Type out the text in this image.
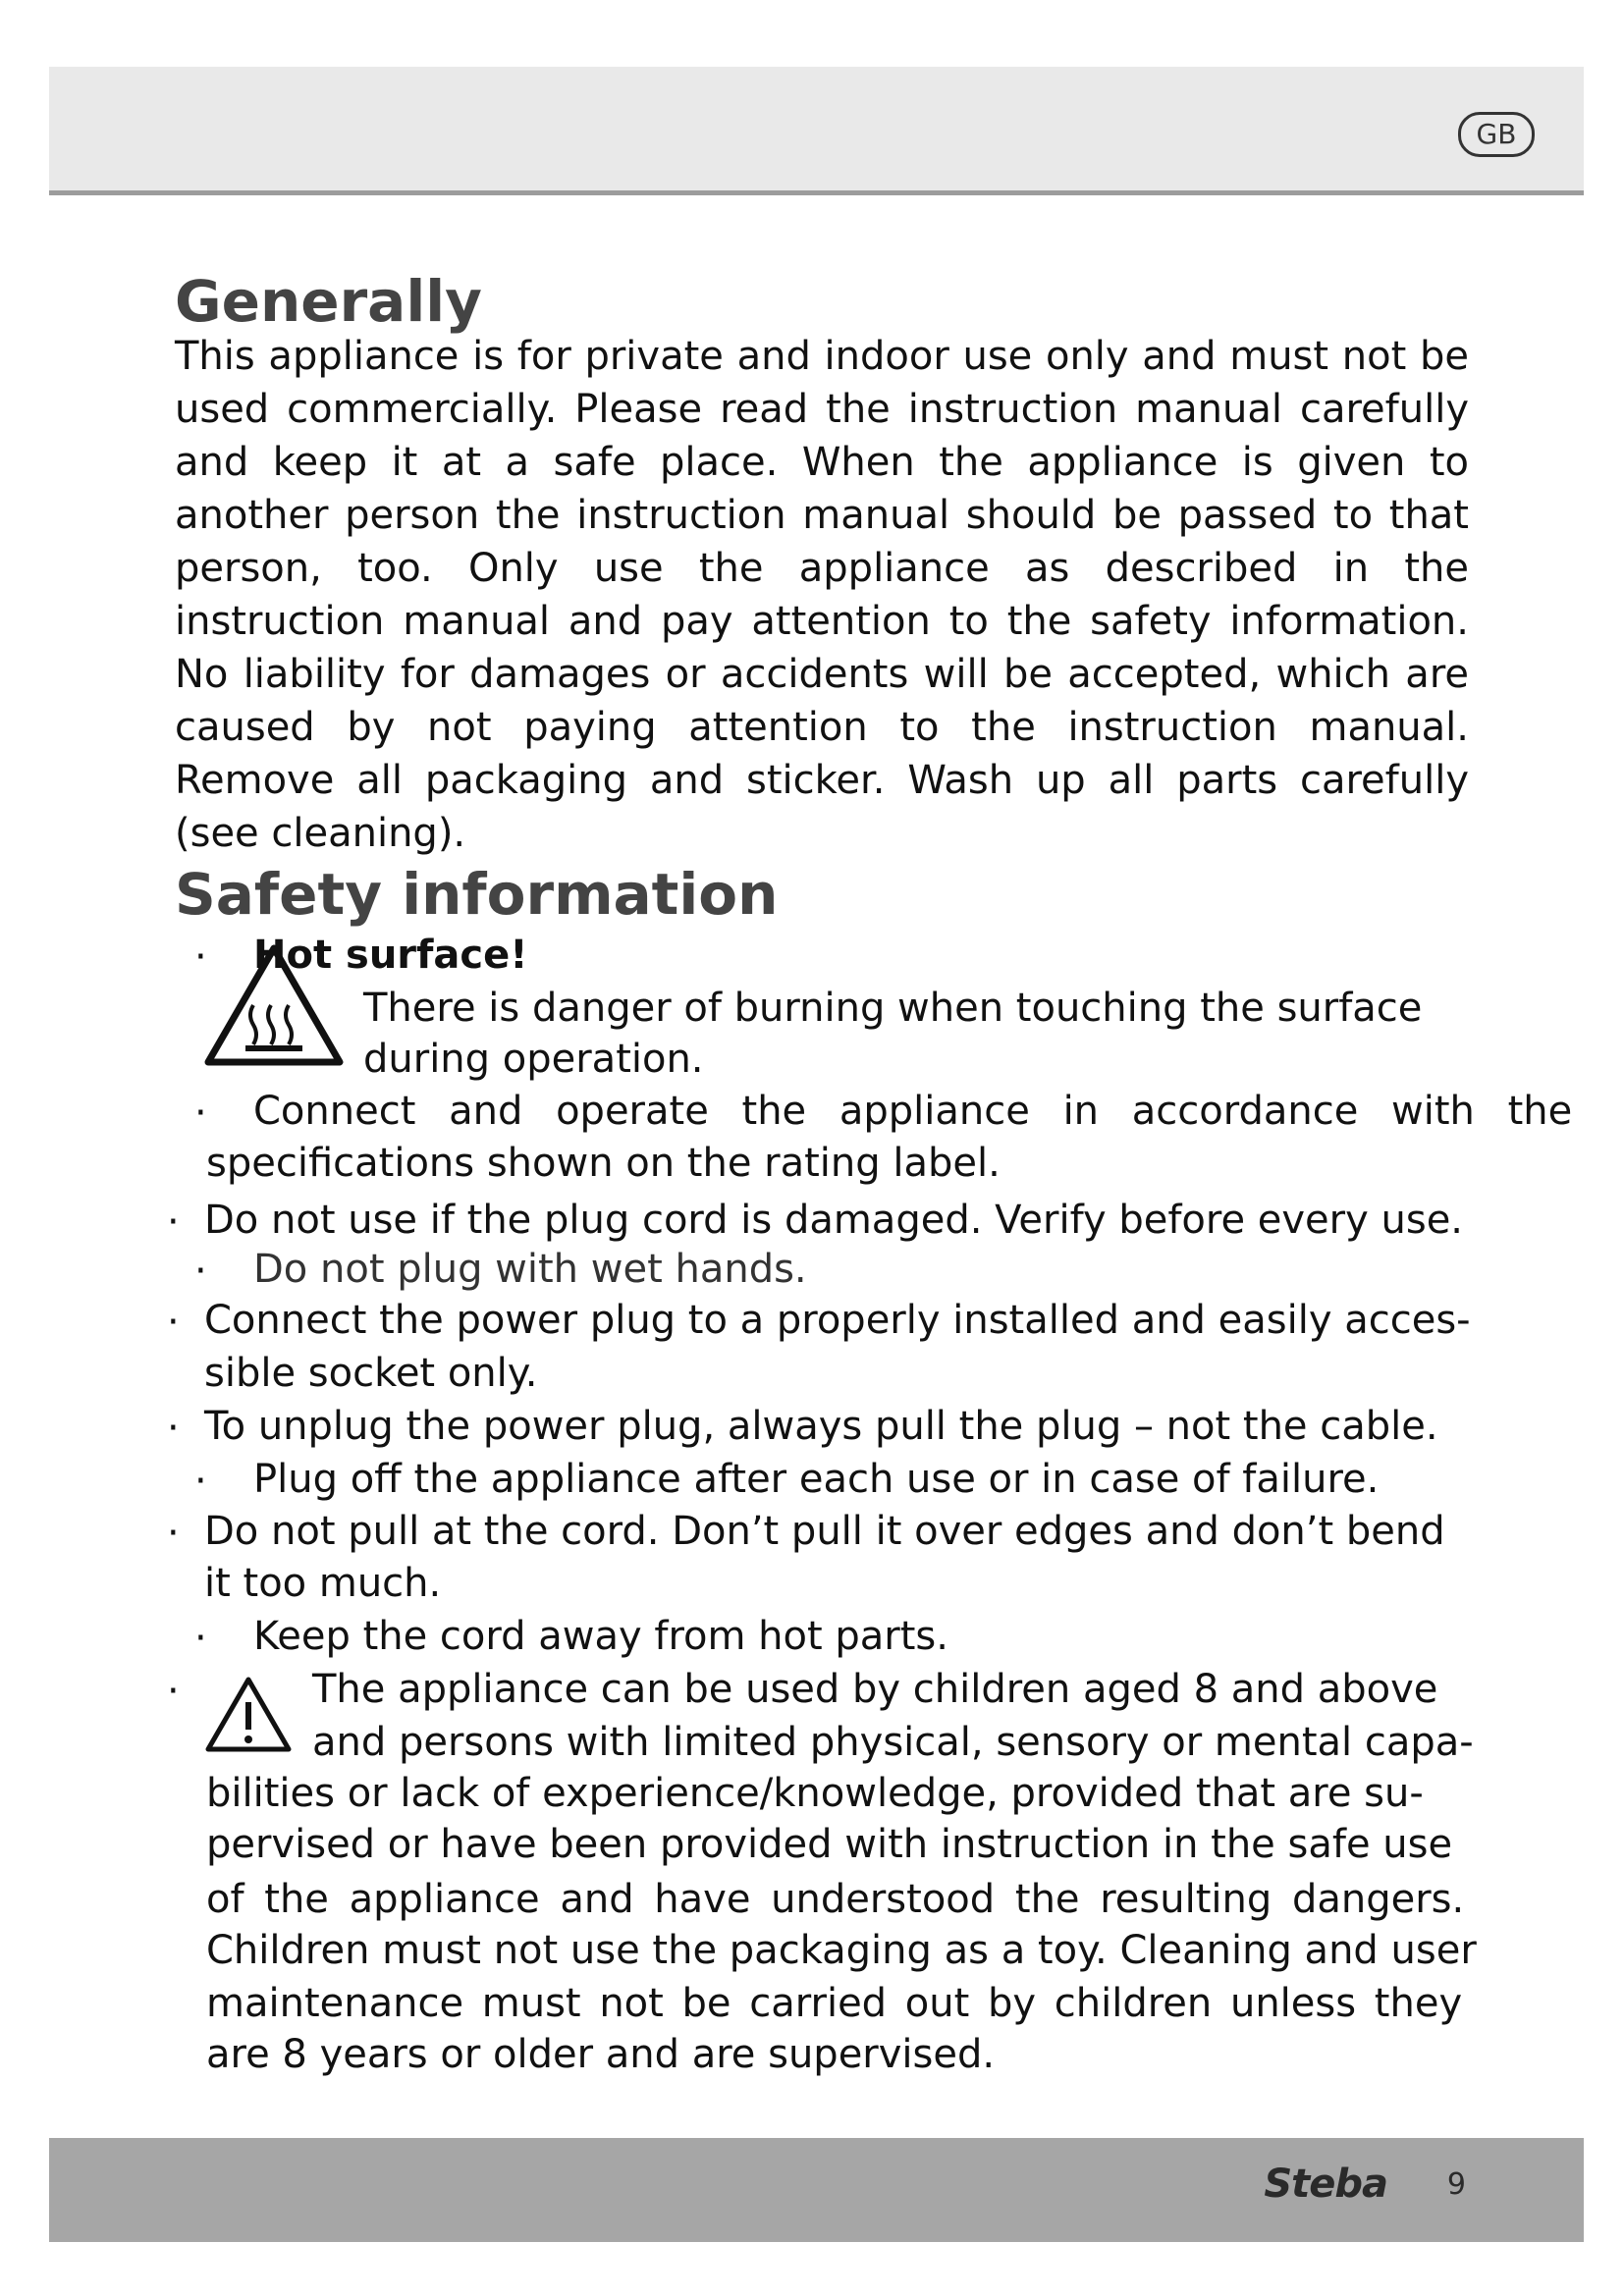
GB
Generally

This appliance is for private and indoor use only and must not be used commercially. Please read the instruction manual carefully and keep it at a safe place. When the appliance is given to another person the instruction manual should be passed to that person, too. Only use the appliance as described in the instruction manual and pay attention to the safety information. No liability for damages or accidents will be accepted, which are caused by not paying attention to the instruction manual. Remove all packaging and sticker. Wash up all parts carefully (see cleaning).

Safety information
· Hot surface!
There is danger of burning when touching the surface
during operation.
· Connect and operate the appliance in accordance with the
specifications shown on the rating label.
· Do not use if the plug cord is damaged. Verify before every use.
· Do not plug with wet hands.
· Connect the power plug to a properly installed and easily acces-
sible socket only.
· To unplug the power plug, always pull the plug – not the cable.
· Plug off the appliance after each use or in case of failure.
· Do not pull at the cord. Don’t pull it over edges and don’t bend
it too much.
· Keep the cord away from hot parts.
·	The appliance can be used by children aged 8 and above
and persons with limited physical, sensory or mental capa-
bilities or lack of experience/knowledge, provided that are su-
pervised or have been provided with instruction in the safe use
of the appliance and have understood the resulting dangers.
Children must not use the packaging as a toy. Cleaning and user
maintenance must not be carried out by children unless they
are 8 years or older and are supervised.
Steba 9
